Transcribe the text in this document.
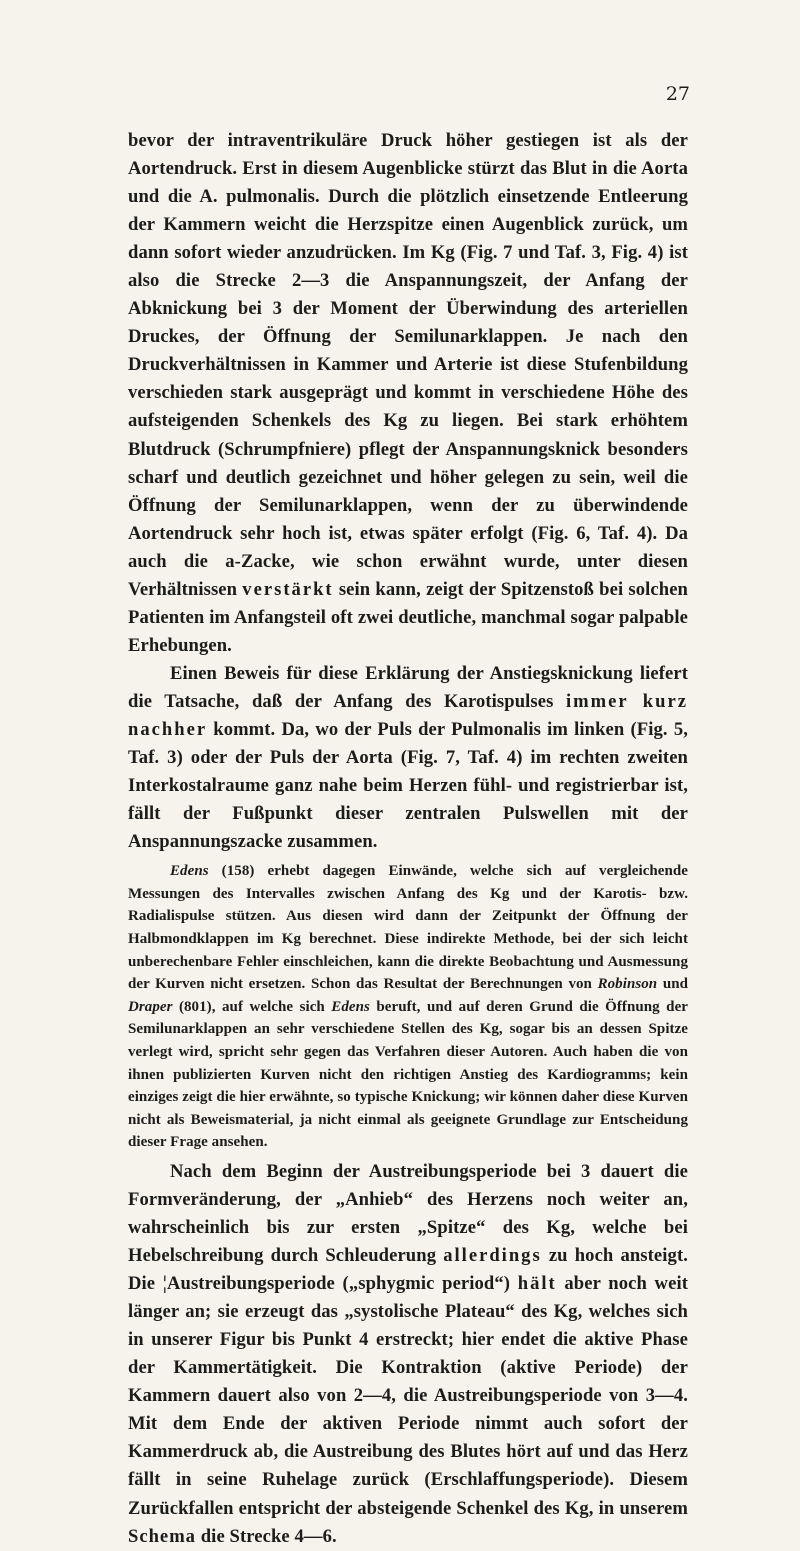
27

bevor der intraventrikuläre Druck höher gestiegen ist als der Aortendruck. Erst in diesem Augenblicke stürzt das Blut in die Aorta und die A. pulmonalis. Durch die plötzlich einsetzende Entleerung der Kammern weicht die Herzspitze einen Augenblick zurück, um dann sofort wieder anzudrücken. Im Kg (Fig. 7 und Taf. 3, Fig. 4) ist also die Strecke 2—3 die Anspannungszeit, der Anfang der Abknickung bei 3 der Moment der Überwindung des arteriellen Druckes, der Öffnung der Semilunarklappen. Je nach den Druckverhältnissen in Kammer und Arterie ist diese Stufenbildung verschieden stark ausgeprägt und kommt in verschiedene Höhe des aufsteigenden Schenkels des Kg zu liegen. Bei stark erhöhtem Blutdruck (Schrumpfniere) pflegt der Anspannungsknick besonders scharf und deutlich gezeichnet und höher gelegen zu sein, weil die Öffnung der Semilunarklappen, wenn der zu überwindende Aortendruck sehr hoch ist, etwas später erfolgt (Fig. 6, Taf. 4). Da auch die a-Zacke, wie schon erwähnt wurde, unter diesen Verhältnissen verstärkt sein kann, zeigt der Spitzenstoß bei solchen Patienten im Anfangsteil oft zwei deutliche, manchmal sogar palpable Erhebungen.

Einen Beweis für diese Erklärung der Anstiegsknickung liefert die Tatsache, daß der Anfang des Karotispulses immer kurz nachher kommt. Da, wo der Puls der Pulmonalis im linken (Fig. 5, Taf. 3) oder der Puls der Aorta (Fig. 7, Taf. 4) im rechten zweiten Interkostalraume ganz nahe beim Herzen fühl- und registrierbar ist, fällt der Fußpunkt dieser zentralen Pulswellen mit der Anspannungszacke zusammen.

Edens (158) erhebt dagegen Einwände, welche sich auf vergleichende Messungen des Intervalles zwischen Anfang des Kg und der Karotis- bzw. Radialispulse stützen. Aus diesen wird dann der Zeitpunkt der Öffnung der Halbmondklappen im Kg berechnet. Diese indirekte Methode, bei der sich leicht unberechenbare Fehler einschleichen, kann die direkte Beobachtung und Ausmessung der Kurven nicht ersetzen. Schon das Resultat der Berechnungen von Robinson und Draper (801), auf welche sich Edens beruft, und auf deren Grund die Öffnung der Semilunarklappen an sehr verschiedene Stellen des Kg, sogar bis an dessen Spitze verlegt wird, spricht sehr gegen das Verfahren dieser Autoren. Auch haben die von ihnen publizierten Kurven nicht den richtigen Anstieg des Kardiogramms; kein einziges zeigt die hier erwähnte, so typische Knickung; wir können daher diese Kurven nicht als Beweismaterial, ja nicht einmal als geeignete Grundlage zur Entscheidung dieser Frage ansehen.

Nach dem Beginn der Austreibungsperiode bei 3 dauert die Formveränderung, der „Anhieb“ des Herzens noch weiter an, wahrscheinlich bis zur ersten „Spitze“ des Kg, welche bei Hebelschreibung durch Schleuderung allerdings zu hoch ansteigt. Die ¦Austreibungsperiode („sphygmic period“) hält aber noch weit länger an; sie erzeugt das „systolische Plateau“ des Kg, welches sich in unserer Figur bis Punkt 4 erstreckt; hier endet die aktive Phase der Kammertätigkeit. Die Kontraktion (aktive Periode) der Kammern dauert also von 2—4, die Austreibungsperiode von 3—4. Mit dem Ende der aktiven Periode nimmt auch sofort der Kammerdruck ab, die Austreibung des Blutes hört auf und das Herz fällt in seine Ruhelage zurück (Erschlaffungsperiode). Diesem Zurückfallen entspricht der absteigende Schenkel des Kg, in unserem Schema die Strecke 4—6.
